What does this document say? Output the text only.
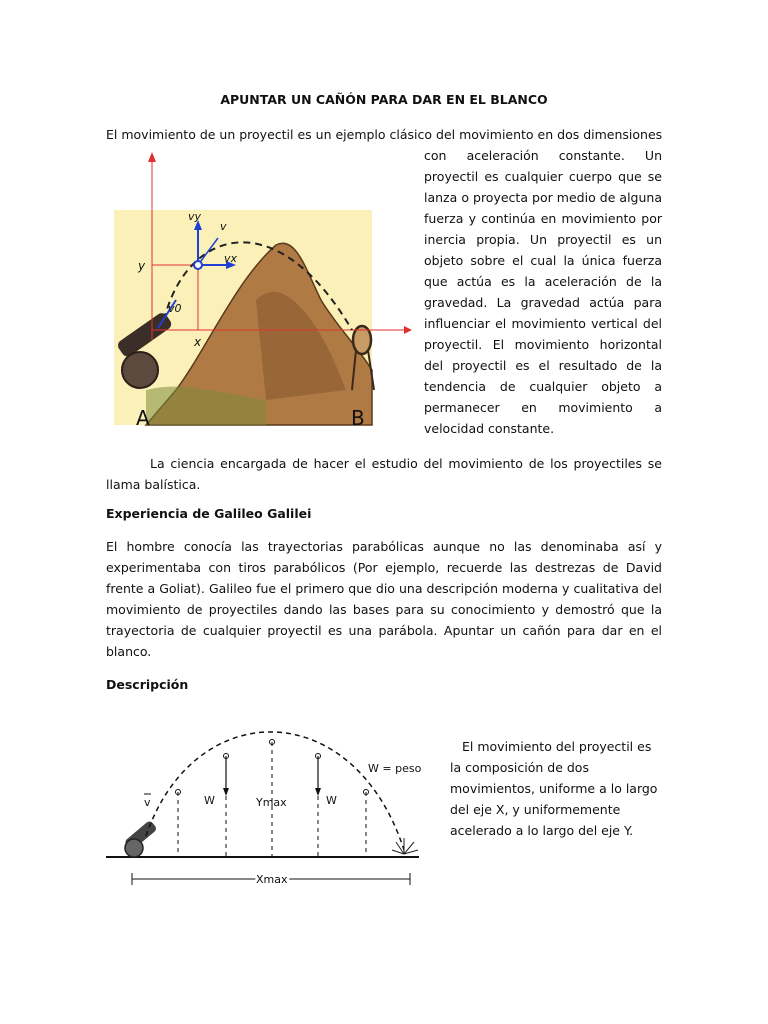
APUNTAR UN CAÑÓN PARA DAR EN EL BLANCO
El movimiento de un proyectil es un ejemplo clásico del movimiento en dos dimensiones
con aceleración constante. Un proyectil es cualquier cuerpo que se lanza o proyecta por medio de alguna fuerza y continúa en movimiento por inercia propia. Un proyectil es un objeto sobre el cual la única fuerza que actúa es la aceleración de la gravedad. La gravedad actúa para influenciar el movimiento vertical del proyectil. El movimiento horizontal del proyectil es el resultado de la tendencia de cualquier objeto a permanecer en movimiento a velocidad constante.
A	B
y
x
vy
v
vx
v0
La ciencia encargada de hacer el estudio del movimiento de los proyectiles se llama balística.
Experiencia de Galileo Galilei
El hombre conocía las trayectorias parabólicas aunque no las denominaba así y experimentaba con tiros parabólicos (Por ejemplo, recuerde las destrezas de David frente a Goliat). Galileo fue el primero que dio una descripción moderna y cualitativa del movimiento de proyectiles dando las bases para su conocimiento y demostró que la trayectoria de cualquier proyectil es una parábola. Apuntar un cañón para dar en el blanco.
Descripción
Xmax
Ymax
W	W
W = peso
v
El movimiento del proyectil es la composición de dos movimientos, uniforme a lo largo del eje X, y uniformemente acelerado a lo largo del eje Y.
